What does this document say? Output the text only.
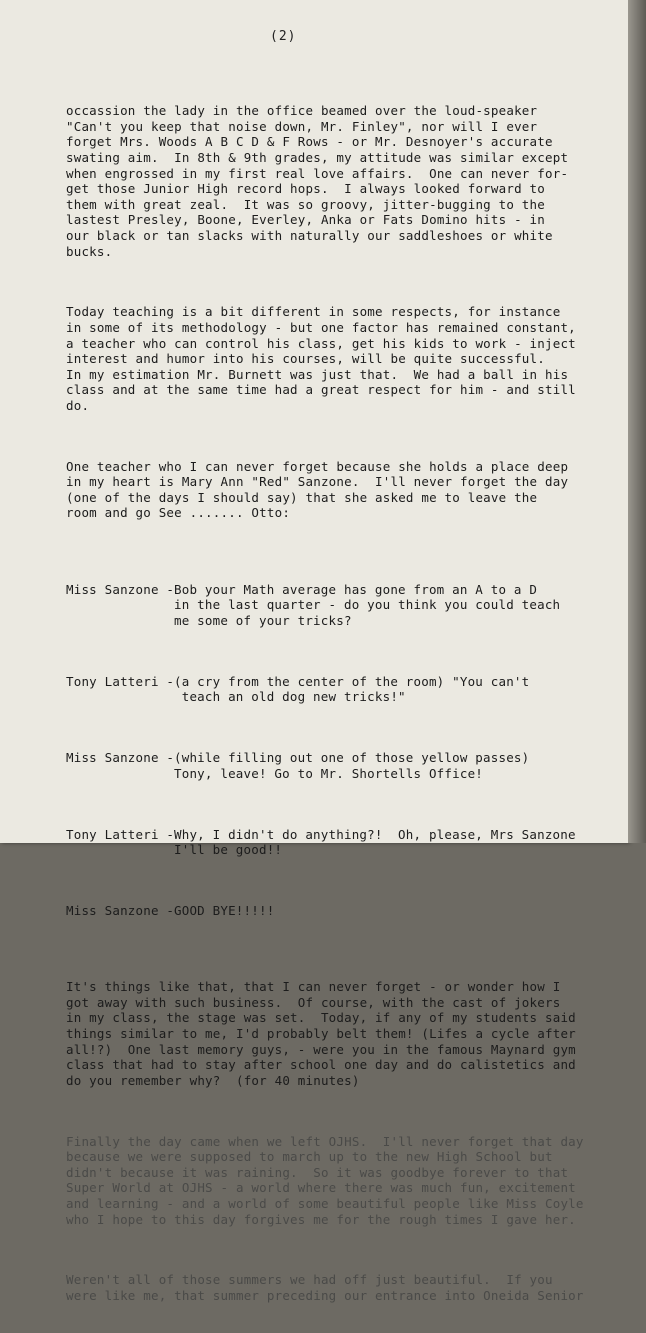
(2)

occassion the lady in the office beamed over the loud-speaker
"Can't you keep that noise down, Mr. Finley", nor will I ever
forget Mrs. Woods A B C D & F Rows - or Mr. Desnoyer's accurate
swating aim.  In 8th & 9th grades, my attitude was similar except
when engrossed in my first real love affairs.  One can never for-
get those Junior High record hops.  I always looked forward to
them with great zeal.  It was so groovy, jitter-bugging to the
lastest Presley, Boone, Everley, Anka or Fats Domino hits - in
our black or tan slacks with naturally our saddleshoes or white
bucks.

Today teaching is a bit different in some respects, for instance
in some of its methodology - but one factor has remained constant,
a teacher who can control his class, get his kids to work - inject
interest and humor into his courses, will be quite successful.
In my estimation Mr. Burnett was just that.  We had a ball in his
class and at the same time had a great respect for him - and still
do.

One teacher who I can never forget because she holds a place deep
in my heart is Mary Ann "Red" Sanzone.  I'll never forget the day
(one of the days I should say) that she asked me to leave the
room and go See ....... Otto:

Miss Sanzone - Bob your Math average has gone from an A to a D
in the last quarter - do you think you could teach
me some of your tricks?

Tony Latteri - (a cry from the center of the room) "You can't
teach an old dog new tricks!"

Miss Sanzone - (while filling out one of those yellow passes)
Tony, leave! Go to Mr. Shortells Office!

Tony Latteri - Why, I didn't do anything?!  Oh, please, Mrs Sanzone
I'll be good!!

Miss Sanzone - GOOD BYE!!!!!

It's things like that, that I can never forget - or wonder how I
got away with such business.  Of course, with the cast of jokers
in my class, the stage was set.  Today, if any of my students said
things similar to me, I'd probably belt them! (Lifes a cycle after
all!?)  One last memory guys, - were you in the famous Maynard gym
class that had to stay after school one day and do calistetics and
do you remember why?  (for 40 minutes)

Finally the day came when we left OJHS.  I'll never forget that day
because we were supposed to march up to the new High School but
didn't because it was raining.  So it was goodbye forever to that
Super World at OJHS - a world where there was much fun, excitement
and learning - and a world of some beautiful people like Miss Coyle
who I hope to this day forgives me for the rough times I gave her.

Weren't all of those summers we had off just beautiful.  If you
were like me, that summer preceding our entrance into Oneida Senior
